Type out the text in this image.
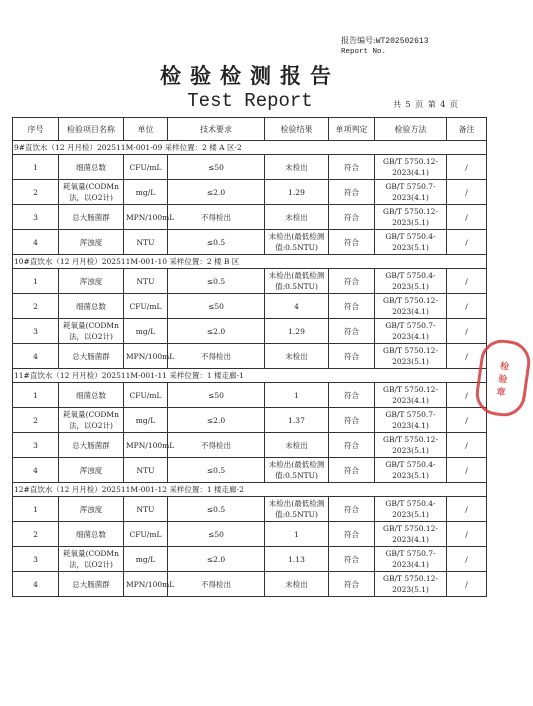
报告编号:WT202502613
Report No.
检验检测报告
Test Report	共 5 页 第 4 页
序号	检验项目名称	单位	技术要求	检验结果	单项判定	检验方法	备注
9#直饮水（12 月月检）202511M-001-09 采样位置：2 楼 A 区-2							
1	细菌总数	CFU/mL	≤50	未检出	符合	GB/T 5750.12-2023(4.1)	/
2	耗氧量(CODMn法，以O2计)	mg/L	≤2.0	1.29	符合	GB/T 5750.7-2023(4.1)	/
3	总大肠菌群	MPN/100mL	不得检出	未检出	符合	GB/T 5750.12-2023(5.1)	/
4	浑浊度	NTU	≤0.5	未检出(最低检测值:0.5NTU)	符合	GB/T 5750.4-2023(5.1)	/
10#直饮水（12 月月检）202511M-001-10 采样位置：2 楼 B 区							
1	浑浊度	NTU	≤0.5	未检出(最低检测值:0.5NTU)	符合	GB/T 5750.4-2023(5.1)	/
2	细菌总数	CFU/mL	≤50	4	符合	GB/T 5750.12-2023(4.1)	/
3	耗氧量(CODMn法，以O2计)	mg/L	≤2.0	1.29	符合	GB/T 5750.7-2023(4.1)	/
4	总大肠菌群	MPN/100mL	不得检出	未检出	符合	GB/T 5750.12-2023(5.1)	/
11#直饮水（12 月月检）202511M-001-11 采样位置：1 楼走廊-1							
1	细菌总数	CFU/mL	≤50	1	符合	GB/T 5750.12-2023(4.1)	/
2	耗氧量(CODMn法，以O2计)	mg/L	≤2.0	1.37	符合	GB/T 5750.7-2023(4.1)	/
3	总大肠菌群	MPN/100mL	不得检出	未检出	符合	GB/T 5750.12-2023(5.1)	/
4	浑浊度	NTU	≤0.5	未检出(最低检测值:0.5NTU)	符合	GB/T 5750.4-2023(5.1)	/
12#直饮水（12 月月检）202511M-001-12 采样位置：1 楼走廊-2							
1	浑浊度	NTU	≤0.5	未检出(最低检测值:0.5NTU)	符合	GB/T 5750.4-2023(5.1)	/
2	细菌总数	CFU/mL	≤50	1	符合	GB/T 5750.12-2023(4.1)	/
3	耗氧量(CODMn法，以O2计)	mg/L	≤2.0	1.13	符合	GB/T 5750.7-2023(4.1)	/
4	总大肠菌群	MPN/100mL	不得检出	未检出	符合	GB/T 5750.12-2023(5.1)	/
检
验
章
